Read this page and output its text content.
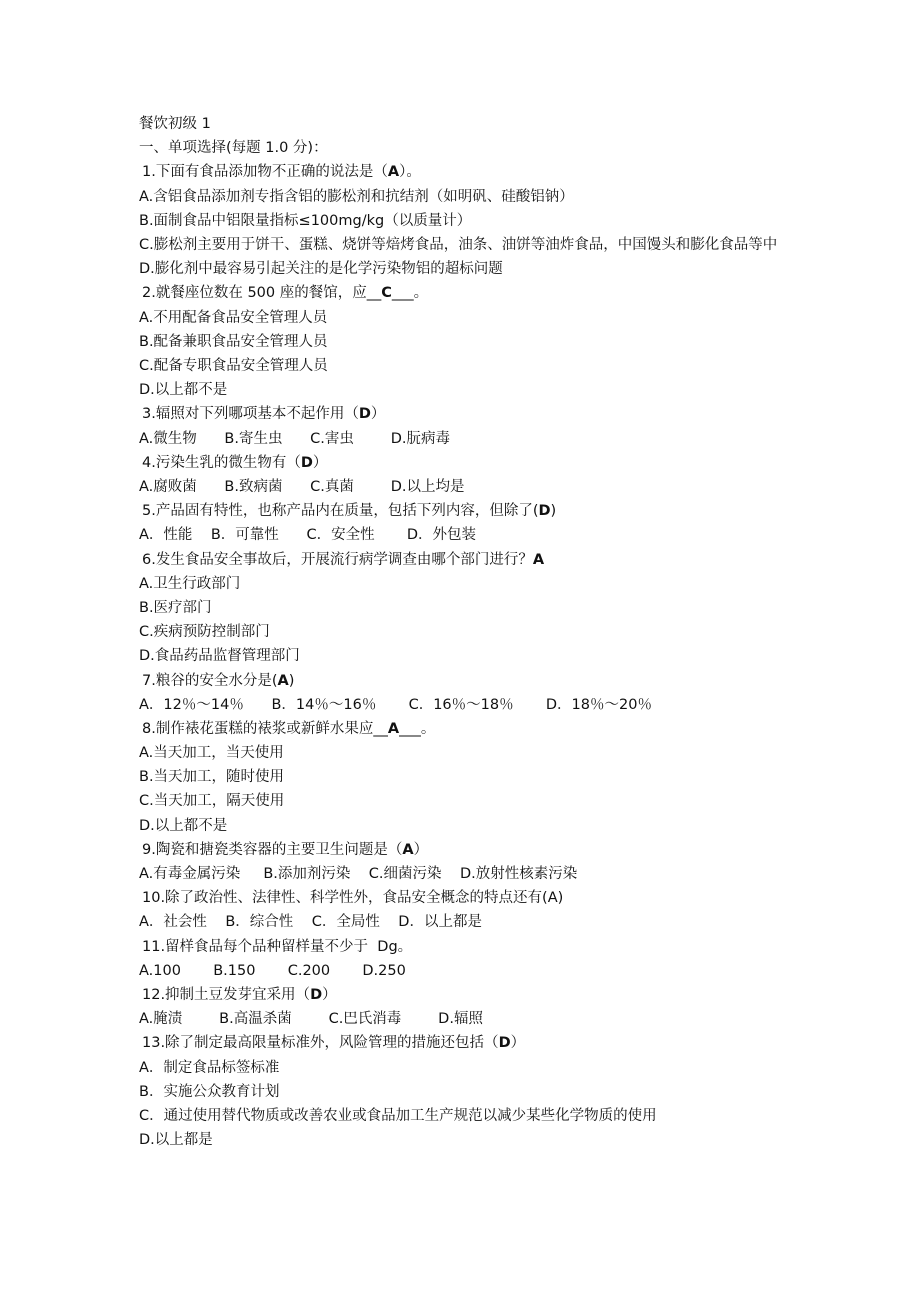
餐饮初级 1
一、单项选择(每题 1.0 分)：
1.下面有食品添加物不正确的说法是（A）。
A.含铝食品添加剂专指含铝的膨松剂和抗结剂（如明矾、硅酸铝钠）
B.面制食品中铝限量指标≤100mg/kg（以质量计）
C.膨松剂主要用于饼干、蛋糕、烧饼等焙烤食品，油条、油饼等油炸食品，中国馒头和膨化食品等中
D.膨化剂中最容易引起关注的是化学污染物铝的超标问题
2.就餐座位数在 500 座的餐馆，应__C___。
A.不用配备食品安全管理人员
B.配备兼职食品安全管理人员
C.配备专职食品安全管理人员
D.以上都不是
3.辐照对下列哪项基本不起作用（D）
A.微生物      B.寄生虫      C.害虫        D.朊病毒
4.污染生乳的微生物有（D）
A.腐败菌      B.致病菌      C.真菌        D.以上均是
5.产品固有特性，也称产品内在质量，包括下列内容，但除了(D)
A．性能    B．可靠性      C．安全性       D．外包装
6.发生食品安全事故后，开展流行病学调查由哪个部门进行？A
A.卫生行政部门
B.医疗部门
C.疾病预防控制部门
D.食品药品监督管理部门
7.粮谷的安全水分是(A)
A．12％～14％      B．14％～16％       C．16％～18％       D．18％～20％
8.制作裱花蛋糕的裱浆或新鲜水果应__A___。
A.当天加工，当天使用
B.当天加工，随时使用
C.当天加工，隔天使用
D.以上都不是
9.陶瓷和搪瓷类容器的主要卫生问题是（A）
A.有毒金属污染     B.添加剂污染    C.细菌污染    D.放射性核素污染
10.除了政治性、法律性、科学性外，食品安全概念的特点还有(A)
A．社会性    B．综合性    C．全局性    D．以上都是
11.留样食品每个品种留样量不少于  Dg。
A.100       B.150       C.200       D.250
12.抑制土豆发芽宜采用（D）
A.腌渍        B.高温杀菌        C.巴氏消毒        D.辐照
13.除了制定最高限量标准外，风险管理的措施还包括（D）
A．制定食品标签标准
B．实施公众教育计划
C．通过使用替代物质或改善农业或食品加工生产规范以减少某些化学物质的使用
D.以上都是
